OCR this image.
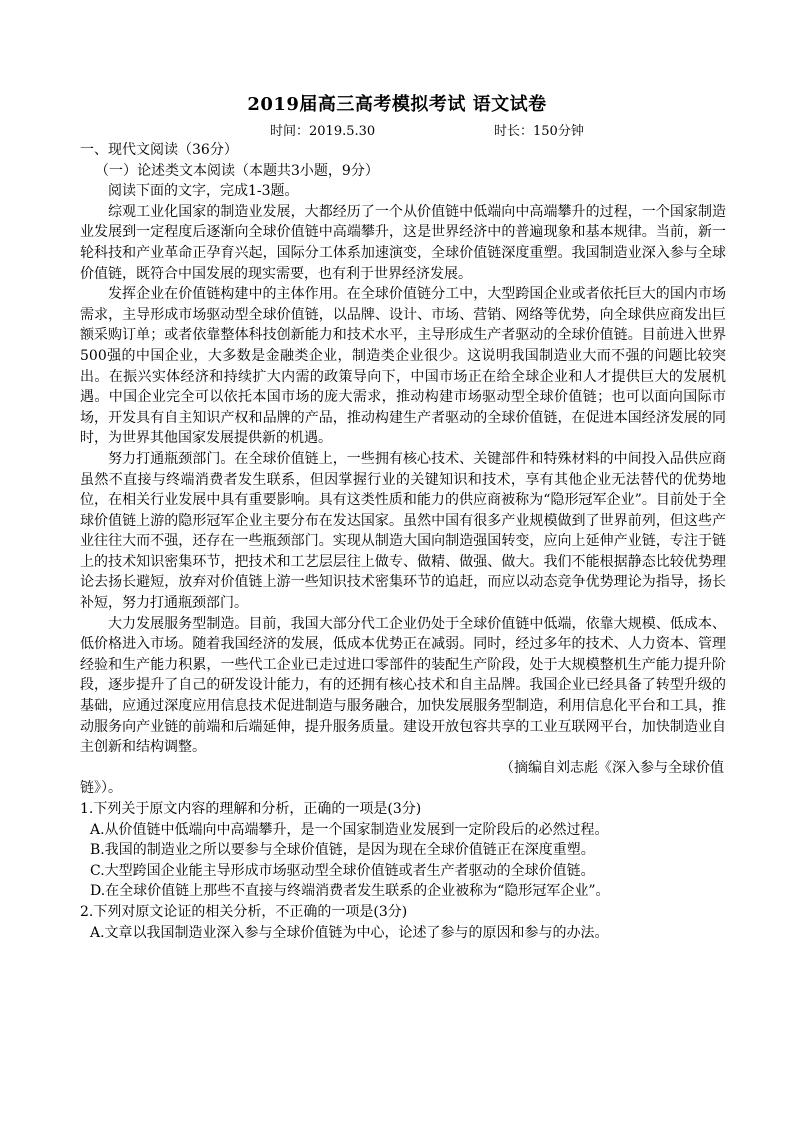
2019届高三高考模拟考试 语文试卷
时间：2019.5.30	时长：150分钟

一、现代文阅读（36分）

（一）论述类文本阅读（本题共3小题，9分）

阅读下面的文字，完成1-3题。

综观工业化国家的制造业发展，大都经历了一个从价值链中低端向中高端攀升的过程，一个国家制造业发展到一定程度后逐渐向全球价值链中高端攀升，这是世界经济中的普遍现象和基本规律。当前，新一轮科技和产业革命正孕育兴起，国际分工体系加速演变，全球价值链深度重塑。我国制造业深入参与全球价值链，既符合中国发展的现实需要，也有利于世界经济发展。

发挥企业在价值链构建中的主体作用。在全球价值链分工中，大型跨国企业或者依托巨大的国内市场需求，主导形成市场驱动型全球价值链，以品牌、设计、市场、营销、网络等优势，向全球供应商发出巨额采购订单；或者依靠整体科技创新能力和技术水平，主导形成生产者驱动的全球价值链。目前进入世界500强的中国企业，大多数是金融类企业，制造类企业很少。这说明我国制造业大而不强的问题比较突出。在振兴实体经济和持续扩大内需的政策导向下，中国市场正在给全球企业和人才提供巨大的发展机遇。中国企业完全可以依托本国市场的庞大需求，推动构建市场驱动型全球价值链；也可以面向国际市场，开发具有自主知识产权和品牌的产品，推动构建生产者驱动的全球价值链，在促进本国经济发展的同时，为世界其他国家发展提供新的机遇。

努力打通瓶颈部门。在全球价值链上，一些拥有核心技术、关键部件和特殊材料的中间投入品供应商虽然不直接与终端消费者发生联系，但因掌握行业的关键知识和技术，享有其他企业无法替代的优势地位，在相关行业发展中具有重要影响。具有这类性质和能力的供应商被称为“隐形冠军企业”。目前处于全球价值链上游的隐形冠军企业主要分布在发达国家。虽然中国有很多产业规模做到了世界前列，但这些产业往往大而不强，还存在一些瓶颈部门。实现从制造大国向制造强国转变，应向上延伸产业链，专注于链上的技术知识密集环节，把技术和工艺层层往上做专、做精、做强、做大。我们不能根据静态比较优势理论去扬长避短，放弃对价值链上游一些知识技术密集环节的追赶，而应以动态竞争优势理论为指导，扬长补短，努力打通瓶颈部门。

大力发展服务型制造。目前，我国大部分代工企业仍处于全球价值链中低端，依靠大规模、低成本、低价格进入市场。随着我国经济的发展，低成本优势正在减弱。同时，经过多年的技术、人力资本、管理经验和生产能力积累，一些代工企业已走过进口零部件的装配生产阶段，处于大规模整机生产能力提升阶段，逐步提升了自己的研发设计能力，有的还拥有核心技术和自主品牌。我国企业已经具备了转型升级的基础，应通过深度应用信息技术促进制造与服务融合，加快发展服务型制造，利用信息化平台和工具，推动服务向产业链的前端和后端延伸，提升服务质量。建设开放包容共享的工业互联网平台，加快制造业自主创新和结构调整。

（摘编自刘志彪《深入参与全球价值

链》）。

1.下列关于原文内容的理解和分析，正确的一项是(3分)

A.从价值链中低端向中高端攀升，是一个国家制造业发展到一定阶段后的必然过程。

B.我国的制造业之所以要参与全球价值链，是因为现在全球价值链正在深度重塑。

C.大型跨国企业能主导形成市场驱动型全球价值链或者生产者驱动的全球价值链。

D.在全球价值链上那些不直接与终端消费者发生联系的企业被称为“隐形冠军企业”。

2.下列对原文论证的相关分析，不正确的一项是(3分)

A.文章以我国制造业深入参与全球价值链为中心，论述了参与的原因和参与的办法。
